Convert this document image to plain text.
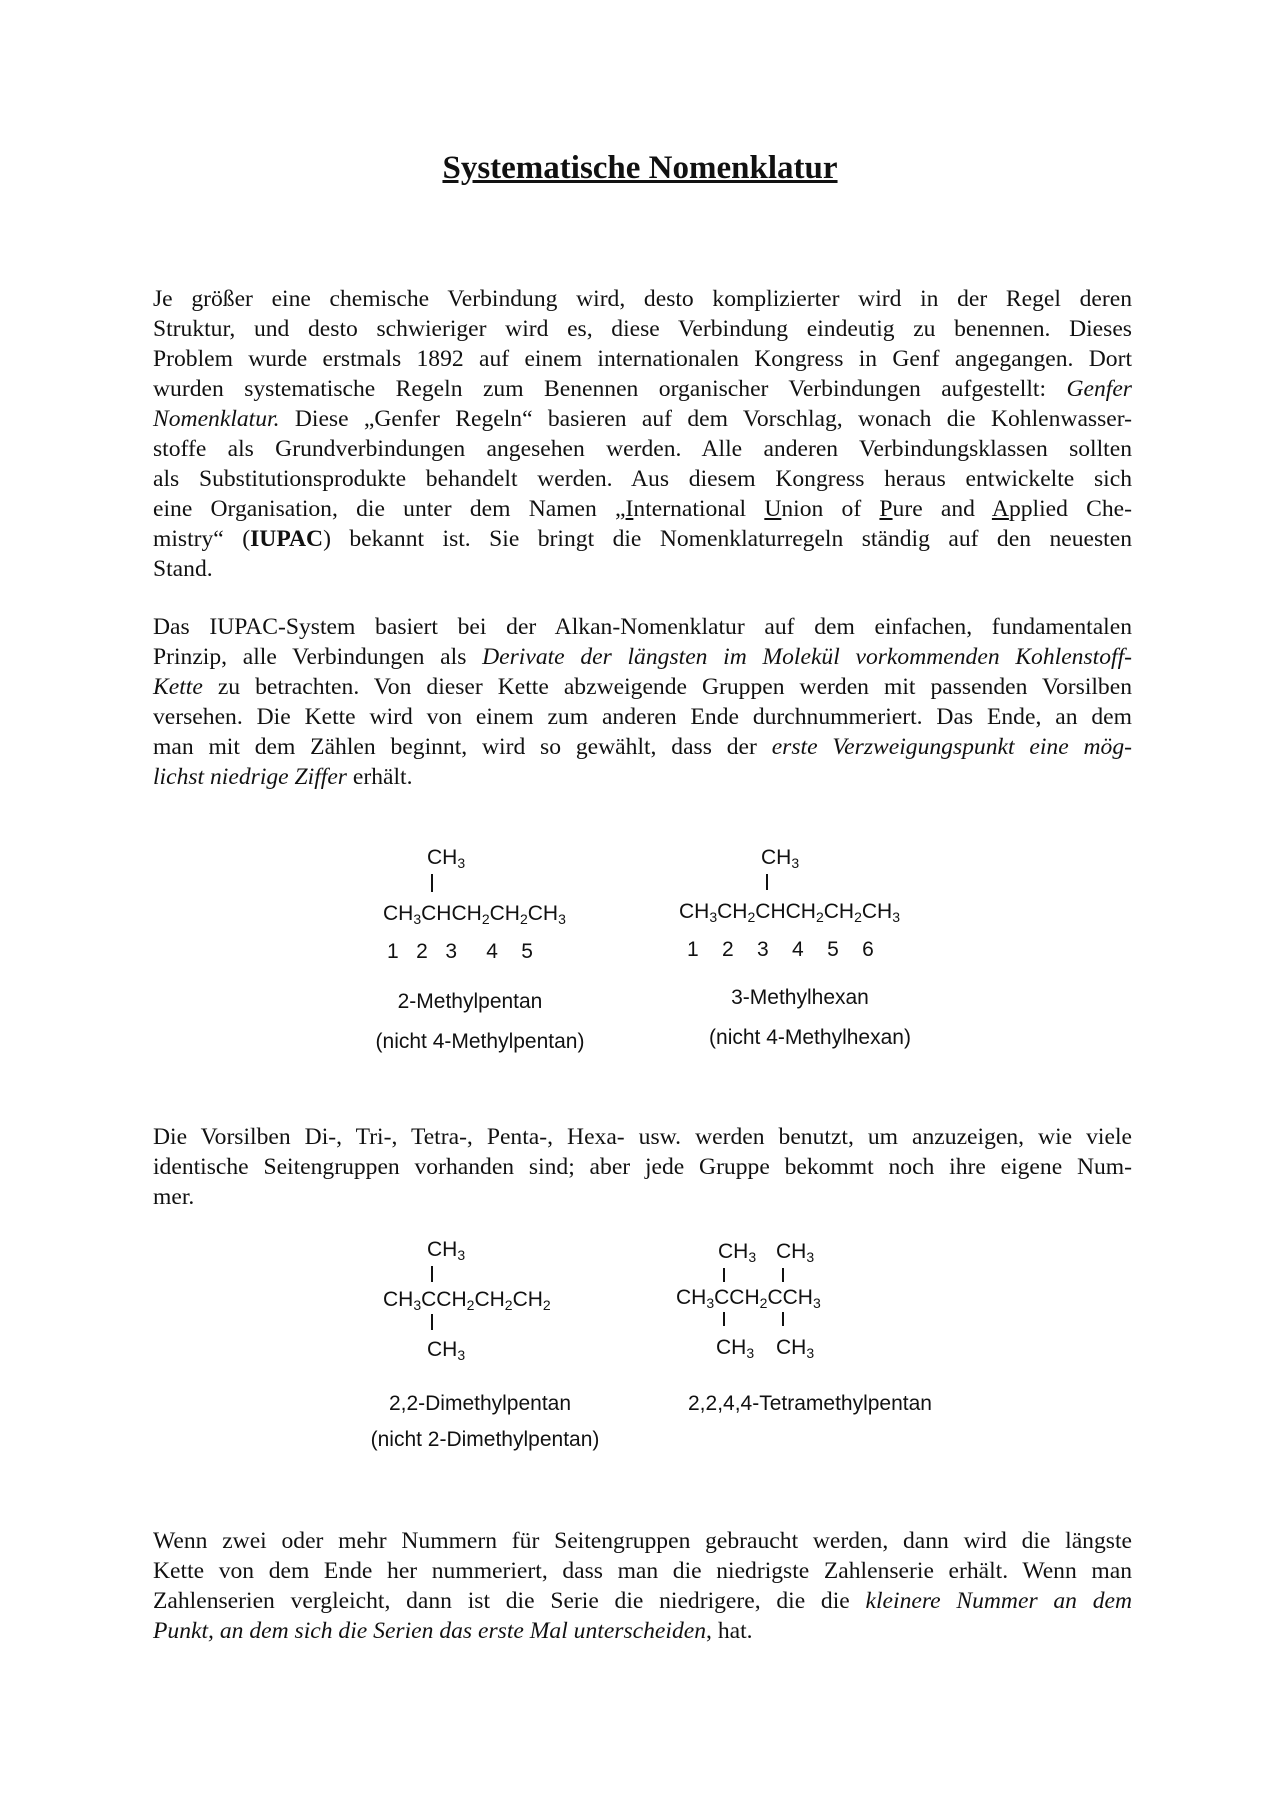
Systematische Nomenklatur
Je größer eine chemische Verbindung wird, desto komplizierter wird in der Regel deren
Struktur, und desto schwieriger wird es, diese Verbindung eindeutig zu benennen. Dieses
Problem wurde erstmals 1892 auf einem internationalen Kongress in Genf angegangen. Dort
wurden systematische Regeln zum Benennen organischer Verbindungen aufgestellt: Genfer
Nomenklatur. Diese „Genfer Regeln“ basieren auf dem Vorschlag, wonach die Kohlenwasser-
stoffe als Grundverbindungen angesehen werden. Alle anderen Verbindungsklassen sollten
als Substitutionsprodukte behandelt werden. Aus diesem Kongress heraus entwickelte sich
eine Organisation, die unter dem Namen „International Union of Pure and Applied Che-
mistry“ (IUPAC) bekannt ist. Sie bringt die Nomenklaturregeln ständig auf den neuesten
Stand.
Das IUPAC-System basiert bei der Alkan-Nomenklatur auf dem einfachen, fundamentalen
Prinzip, alle Verbindungen als Derivate der längsten im Molekül vorkommenden Kohlenstoff-
Kette zu betrachten. Von dieser Kette abzweigende Gruppen werden mit passenden Vorsilben
versehen. Die Kette wird von einem zum anderen Ende durchnummeriert. Das Ende, an dem
man mit dem Zählen beginnt, wird so gewählt, dass der erste Verzweigungspunkt eine mög-
lichst niedrige Ziffer erhält.
$CH_3$
$CH_3CHCH_2CH_2CH_3$
1   2   3     4    5
2-Methylpentan
(nicht 4-Methylpentan)
$CH_3$
$CH_3CH_2CHCH_2CH_2CH_3$
1    2    3    4    5    6
3-Methylhexan
(nicht 4-Methylhexan)
Die Vorsilben Di-, Tri-, Tetra-, Penta-, Hexa- usw. werden benutzt, um anzuzeigen, wie viele
identische Seitengruppen vorhanden sind; aber jede Gruppe bekommt noch ihre eigene Num-
mer.
$CH_3$
$CH_3CCH_2CH_2CH_2$
$CH_3$
2,2-Dimethylpentan
(nicht 2-Dimethylpentan)
$CH_3$ $CH_3$
$CH_3CCH_2CCH_3$
$CH_3$ $CH_3$
2,2,4,4-Tetramethylpentan
Wenn zwei oder mehr Nummern für Seitengruppen gebraucht werden, dann wird die längste
Kette von dem Ende her nummeriert, dass man die niedrigste Zahlenserie erhält. Wenn man
Zahlenserien vergleicht, dann ist die Serie die niedrigere, die die kleinere Nummer an dem
Punkt, an dem sich die Serien das erste Mal unterscheiden, hat.
